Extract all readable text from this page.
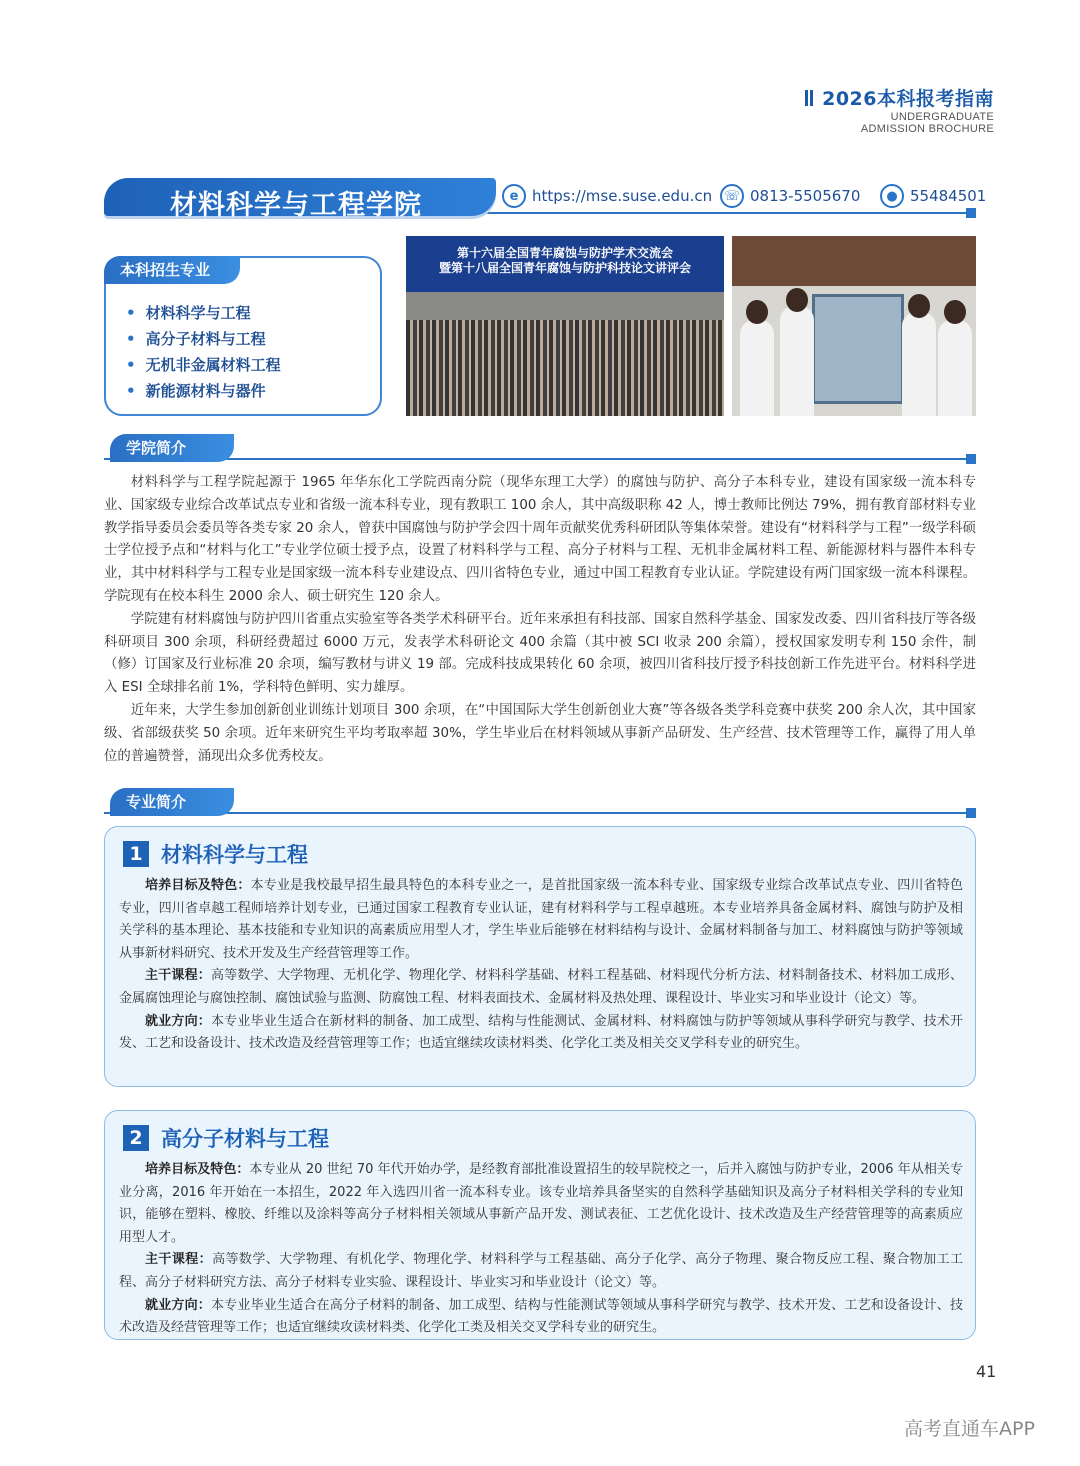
2026本科报考指南
UNDERGRADUATE
ADMISSION BROCHURE
材料科学与工程学院	e https://mse.suse.edu.cn ☏ 0813-5505670	● 55484501
• 材料科学与工程
• 高分子材料与工程
• 无机非金属材料工程
• 新能源材料与器件
本科招生专业
第十六届全国青年腐蚀与防护学术交流会
暨第十八届全国青年腐蚀与防护科技论文讲评会
学院简介

材料科学与工程学院起源于 1965 年华东化工学院西南分院（现华东理工大学）的腐蚀与防护、高分子本科专业，建设有国家级一流本科专业、国家级专业综合改革试点专业和省级一流本科专业，现有教职工 100 余人，其中高级职称 42 人，博士教师比例达 79%，拥有教育部材料专业教学指导委员会委员等各类专家 20 余人，曾获中国腐蚀与防护学会四十周年贡献奖优秀科研团队等集体荣誉。建设有“材料科学与工程”一级学科硕士学位授予点和“材料与化工”专业学位硕士授予点，设置了材料科学与工程、高分子材料与工程、无机非金属材料工程、新能源材料与器件本科专业，其中材料科学与工程专业是国家级一流本科专业建设点、四川省特色专业，通过中国工程教育专业认证。学院建设有两门国家级一流本科课程。学院现有在校本科生 2000 余人、硕士研究生 120 余人。

学院建有材料腐蚀与防护四川省重点实验室等各类学术科研平台。近年来承担有科技部、国家自然科学基金、国家发改委、四川省科技厅等各级科研项目 300 余项，科研经费超过 6000 万元，发表学术科研论文 400 余篇（其中被 SCI 收录 200 余篇），授权国家发明专利 150 余件，制（修）订国家及行业标准 20 余项，编写教材与讲义 19 部。完成科技成果转化 60 余项，被四川省科技厅授予科技创新工作先进平台。材料科学进入 ESI 全球排名前 1%，学科特色鲜明、实力雄厚。

近年来，大学生参加创新创业训练计划项目 300 余项，在“中国国际大学生创新创业大赛”等各级各类学科竞赛中获奖 200 余人次，其中国家级、省部级获奖 50 余项。近年来研究生平均考取率超 30%，学生毕业后在材料领域从事新产品研发、生产经营、技术管理等工作，赢得了用人单位的普遍赞誉，涌现出众多优秀校友。

专业简介
1 材料科学与工程

培养目标及特色：本专业是我校最早招生最具特色的本科专业之一，是首批国家级一流本科专业、国家级专业综合改革试点专业、四川省特色专业，四川省卓越工程师培养计划专业，已通过国家工程教育专业认证，建有材料科学与工程卓越班。本专业培养具备金属材料、腐蚀与防护及相关学科的基本理论、基本技能和专业知识的高素质应用型人才，学生毕业后能够在材料结构与设计、金属材料制备与加工、材料腐蚀与防护等领域从事新材料研究、技术开发及生产经营管理等工作。

主干课程：高等数学、大学物理、无机化学、物理化学、材料科学基础、材料工程基础、材料现代分析方法、材料制备技术、材料加工成形、金属腐蚀理论与腐蚀控制、腐蚀试验与监测、防腐蚀工程、材料表面技术、金属材料及热处理、课程设计、毕业实习和毕业设计（论文）等。

就业方向：本专业毕业生适合在新材料的制备、加工成型、结构与性能测试、金属材料、材料腐蚀与防护等领域从事科学研究与教学、技术开发、工艺和设备设计、技术改造及经营管理等工作；也适宜继续攻读材料类、化学化工类及相关交叉学科专业的研究生。

2 高分子材料与工程

培养目标及特色：本专业从 20 世纪 70 年代开始办学，是经教育部批准设置招生的较早院校之一，后并入腐蚀与防护专业，2006 年从相关专业分离，2016 年开始在一本招生，2022 年入选四川省一流本科专业。该专业培养具备坚实的自然科学基础知识及高分子材料相关学科的专业知识，能够在塑料、橡胶、纤维以及涂料等高分子材料相关领域从事新产品开发、测试表征、工艺优化设计、技术改造及生产经营管理等的高素质应用型人才。

主干课程：高等数学、大学物理、有机化学、物理化学、材料科学与工程基础、高分子化学、高分子物理、聚合物反应工程、聚合物加工工程、高分子材料研究方法、高分子材料专业实验、课程设计、毕业实习和毕业设计（论文）等。

就业方向：本专业毕业生适合在高分子材料的制备、加工成型、结构与性能测试等领域从事科学研究与教学、技术开发、工艺和设备设计、技术改造及经营管理等工作；也适宜继续攻读材料类、化学化工类及相关交叉学科专业的研究生。

41
高考直通车APP
